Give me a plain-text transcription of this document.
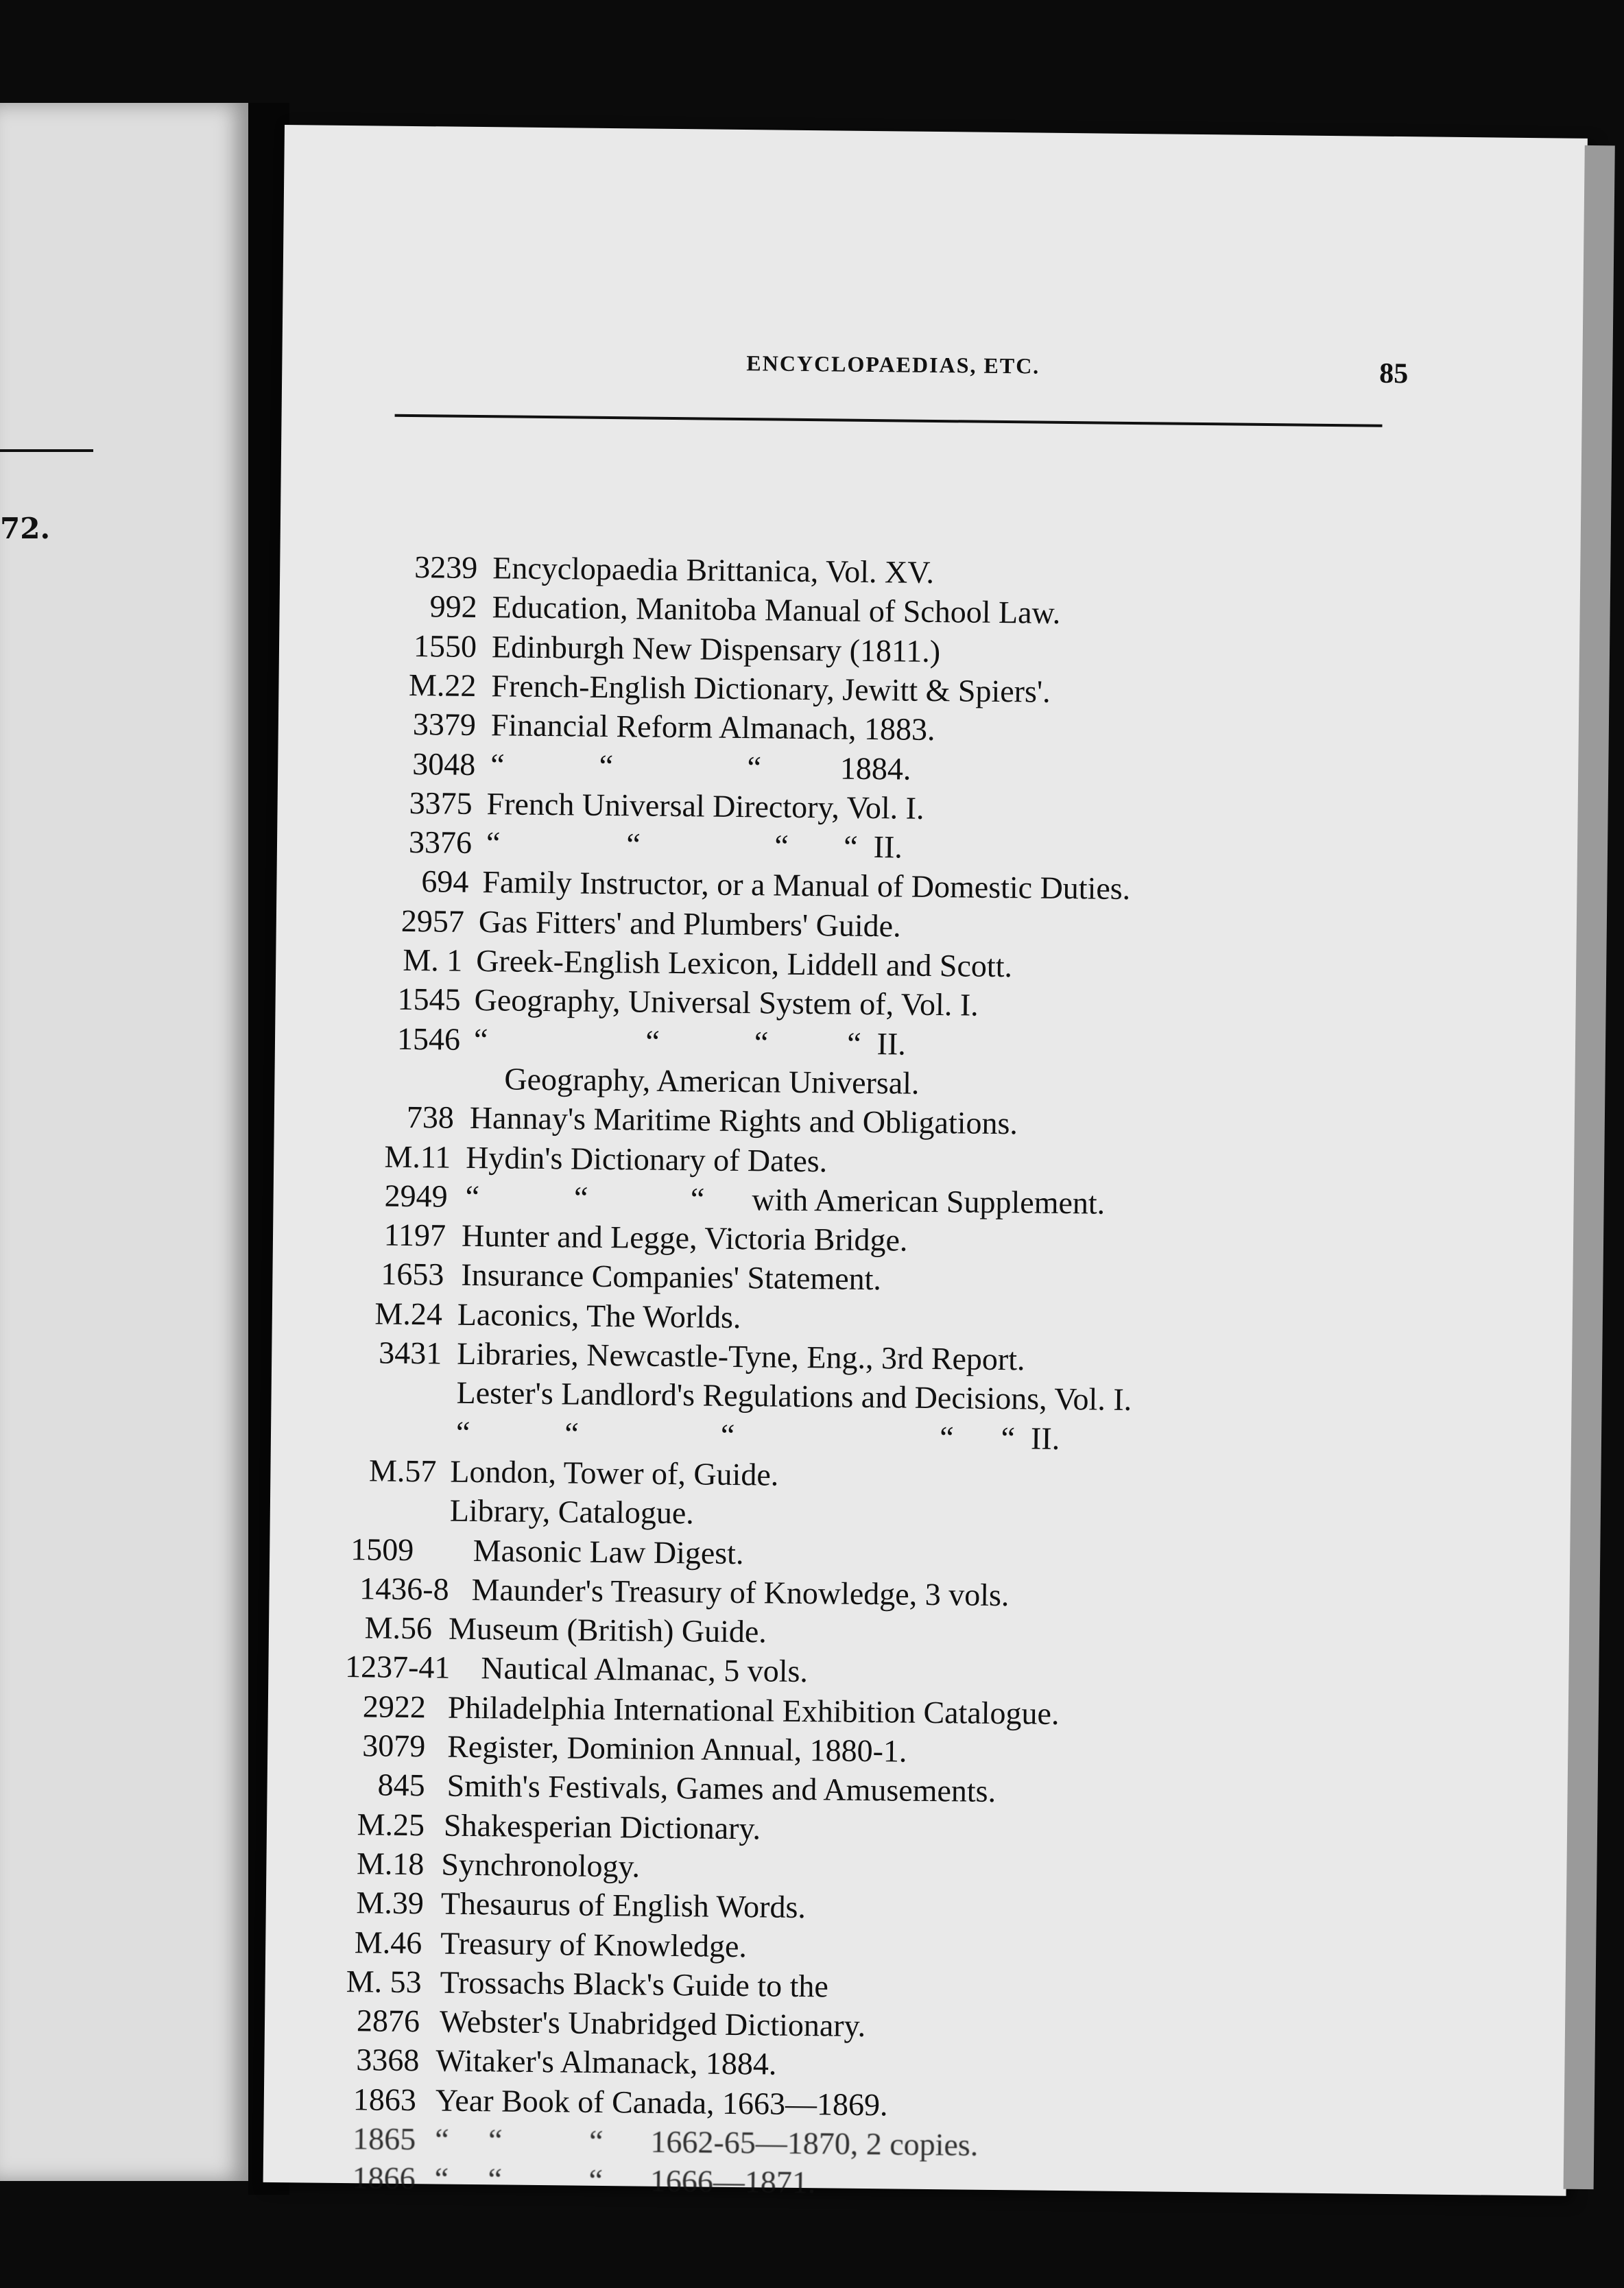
72.
ENCYCLOPAEDIAS, ETC.	85
3239 Encyclopaedia Brittanica, Vol. XV.
992 Education, Manitoba Manual of School Law.
1550 Edinburgh New Dispensary (1811.)
M.22 French-English Dictionary, Jewitt & Spiers'.
3379 Financial Reform Almanach, 1883.
3048 “            “                 “          1884.
3375 French Universal Directory, Vol. I.
3376 “                “                 “       “  II.
694 Family Instructor, or a Manual of Domestic Duties.
2957 Gas Fitters' and Plumbers' Guide.
M. 1 Greek-English Lexicon, Liddell and Scott.
1545 Geography, Universal System of, Vol. I.
1546 “                    “            “          “  II.
Geography, American Universal.
738 Hannay's Maritime Rights and Obligations.
M.11 Hydin's Dictionary of Dates.
2949 “            “             “      with American Supplement.
1197 Hunter and Legge, Victoria Bridge.
1653 Insurance Companies' Statement.
M.24 Laconics, The Worlds.
3431 Libraries, Newcastle-Tyne, Eng., 3rd Report.
Lester's Landlord's Regulations and Decisions, Vol. I.
“            “                  “                          “      “  II.
M.57 London, Tower of, Guide.
Library, Catalogue.
1509 Masonic Law Digest.
1436-8 Maunder's Treasury of Knowledge, 3 vols.
M.56 Museum (British) Guide.
1237-41 Nautical Almanac, 5 vols.
2922 Philadelphia International Exhibition Catalogue.
3079 Register, Dominion Annual, 1880-1.
845 Smith's Festivals, Games and Amusements.
M.25 Shakesperian Dictionary.
M.18 Synchronology.
M.39 Thesaurus of English Words.
M.46 Treasury of Knowledge.
M. 53 Trossachs Black's Guide to the
2876 Webster's Unabridged Dictionary.
3368 Witaker's Almanack, 1884.
1863 Year Book of Canada, 1663—1869.
1865 “     “           “      1662-65—1870, 2 copies.
1866 “     “           “      1666—1871.
